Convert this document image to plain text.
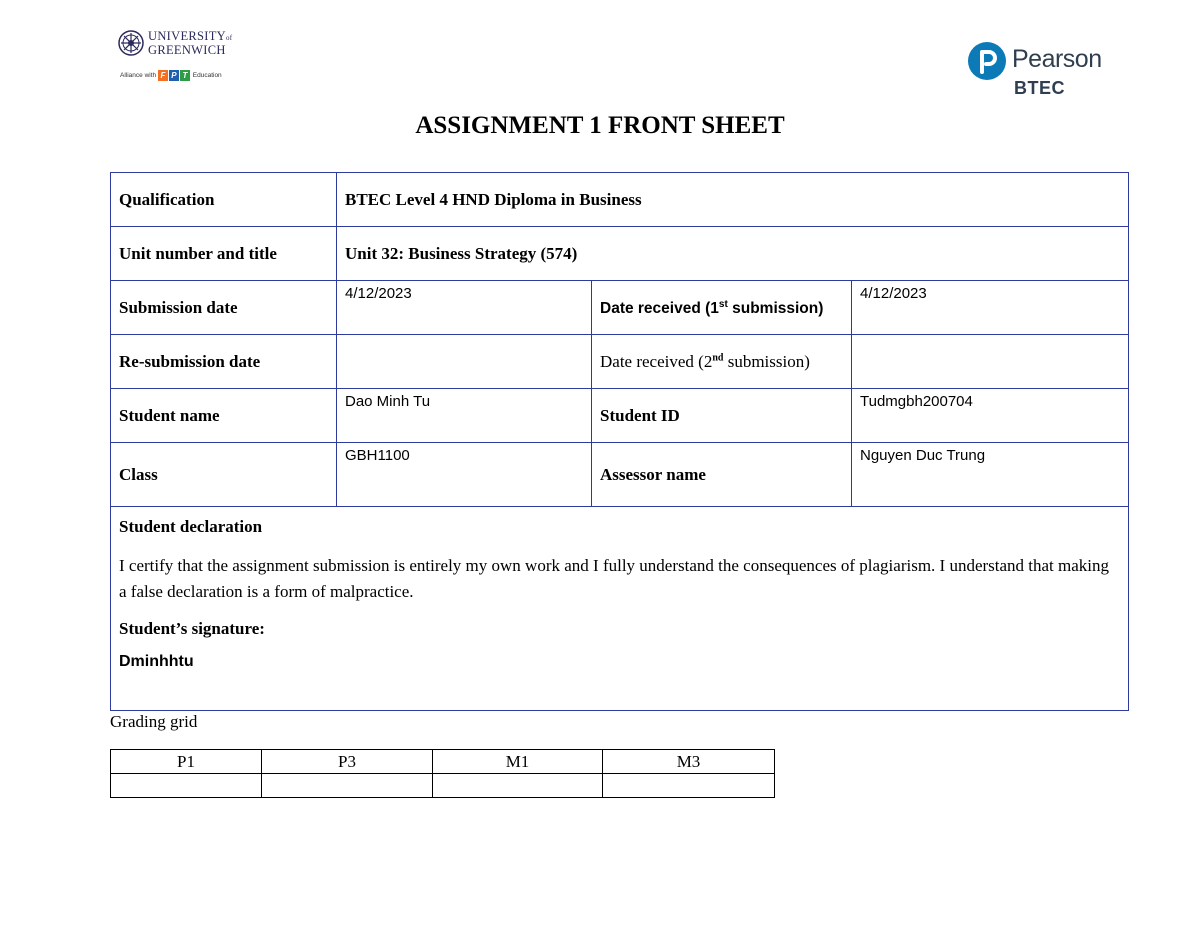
UNIVERSITYof
GREENWICH
Alliance with F P T Education
Pearson
BTEC
ASSIGNMENT 1 FRONT SHEET
Qualification	BTEC Level 4 HND Diploma in Business		
Unit number and title	Unit 32: Business Strategy (574)		
Submission date	4/12/2023	Date received (1st submission)	4/12/2023

Re-submission date		Date received (2nd submission)	
Student name	Dao Minh Tu	Student ID	Tudmgbh200704

Class	GBH1100	Assessor name	Nguyen Duc Trung

Student declaration

I certify that the assignment submission is entirely my own work and I fully understand the consequences of plagiarism. I understand that making a false declaration is a form of malpractice.

Student’s signature:

Dminhhtu			

Grading grid
P1	P3	M1	M3
